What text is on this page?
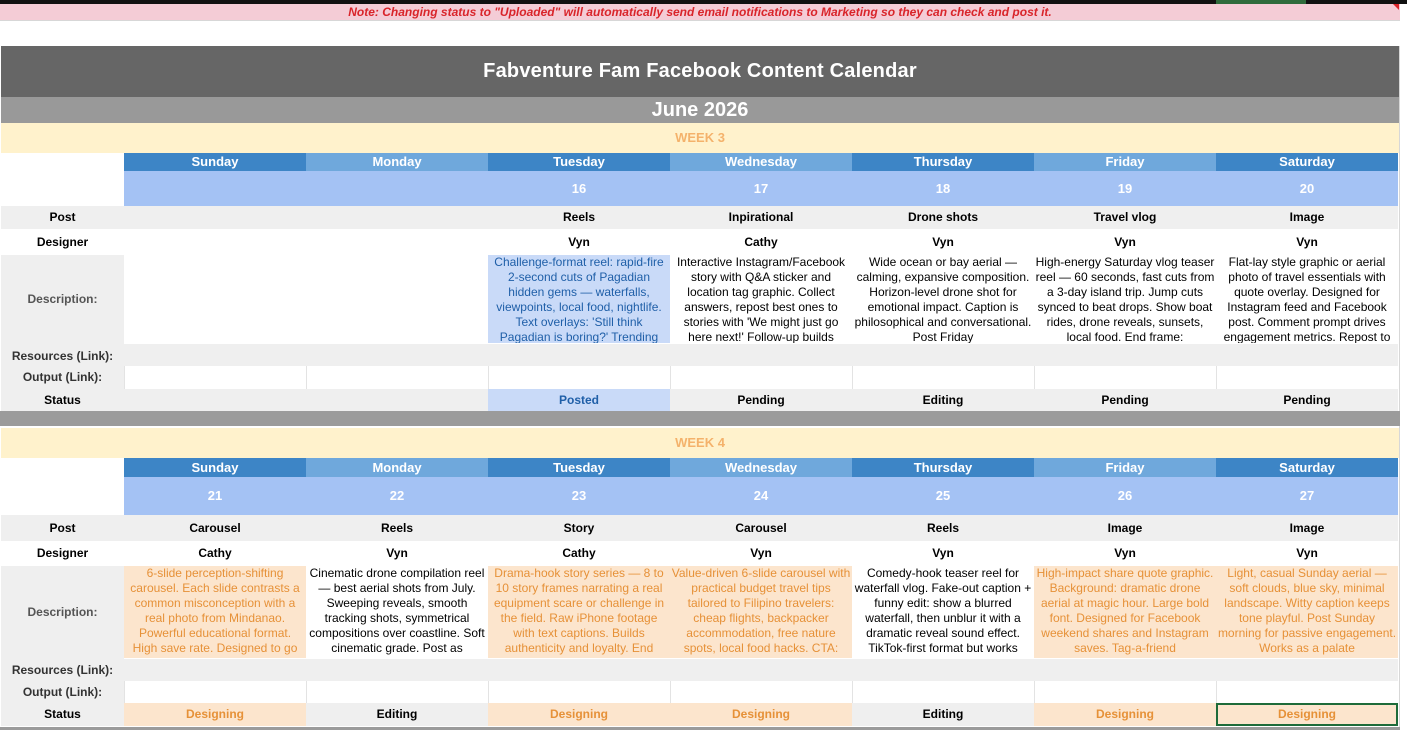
Note: Changing status to "Uploaded" will automatically send email notifications to Marketing so they can check and post it.
Fabventure Fam Facebook Content Calendar
June 2026
WEEK 3
Post
Designer
Description:
Resources (Link):
Output (Link):
Status
Sunday	Monday	Tuesday
16
Reels
Vyn
Challenge-format reel: rapid-fire 2-second cuts of Pagadian hidden gems — waterfalls, viewpoints, local food, nightlife. Text overlays: 'Still think Pagadian is boring?' Trending
Posted
Wednesday
17
Inpirational
Cathy
Interactive Instagram/Facebook story with Q&A sticker and location tag graphic. Collect answers, repost best ones to stories with 'We might just go here next!' Follow-up builds
Pending
Thursday
18
Drone shots
Vyn
Wide ocean or bay aerial — calming, expansive composition. Horizon-level drone shot for emotional impact. Caption is philosophical and conversational. Post Friday
Editing
Friday
19
Travel vlog
Vyn
High-energy Saturday vlog teaser reel — 60 seconds, fast cuts from a 3-day island trip. Jump cuts synced to beat drops. Show boat rides, drone reveals, sunsets, local food. End frame:
Pending
Saturday
20
Image
Vyn
Flat-lay style graphic or aerial photo of travel essentials with quote overlay. Designed for Instagram feed and Facebook post. Comment prompt drives engagement metrics. Repost to
Pending
WEEK 4
Post
Designer
Description:
Resources (Link):
Output (Link):
Status
Sunday
21
Carousel
Cathy
6-slide perception-shifting carousel. Each slide contrasts a common misconception with a real photo from Mindanao. Powerful educational format. High save rate. Designed to go
Designing
Monday
22
Reels
Vyn
Cinematic drone compilation reel — best aerial shots from July. Sweeping reveals, smooth tracking shots, symmetrical compositions over coastline. Soft cinematic grade. Post as
Editing
Tuesday
23
Story
Cathy
Drama-hook story series — 8 to 10 story frames narrating a real equipment scare or challenge in the field. Raw iPhone footage with text captions. Builds authenticity and loyalty. End
Designing
Wednesday
24
Carousel
Vyn
Value-driven 6-slide carousel with practical budget travel tips tailored to Filipino travelers: cheap flights, backpacker accommodation, free nature spots, local food hacks. CTA:
Designing
Thursday
25
Reels
Vyn
Comedy-hook teaser reel for waterfall vlog. Fake-out caption + funny edit: show a blurred waterfall, then unblur it with a dramatic reveal sound effect. TikTok-first format but works
Editing
Friday
26
Image
Vyn
High-impact share quote graphic. Background: dramatic drone aerial at magic hour. Large bold font. Designed for Facebook weekend shares and Instagram saves. Tag-a-friend
Designing
Saturday
27
Image
Vyn
Light, casual Sunday aerial — soft clouds, blue sky, minimal landscape. Witty caption keeps tone playful. Post Sunday morning for passive engagement. Works as a palate
Designing
